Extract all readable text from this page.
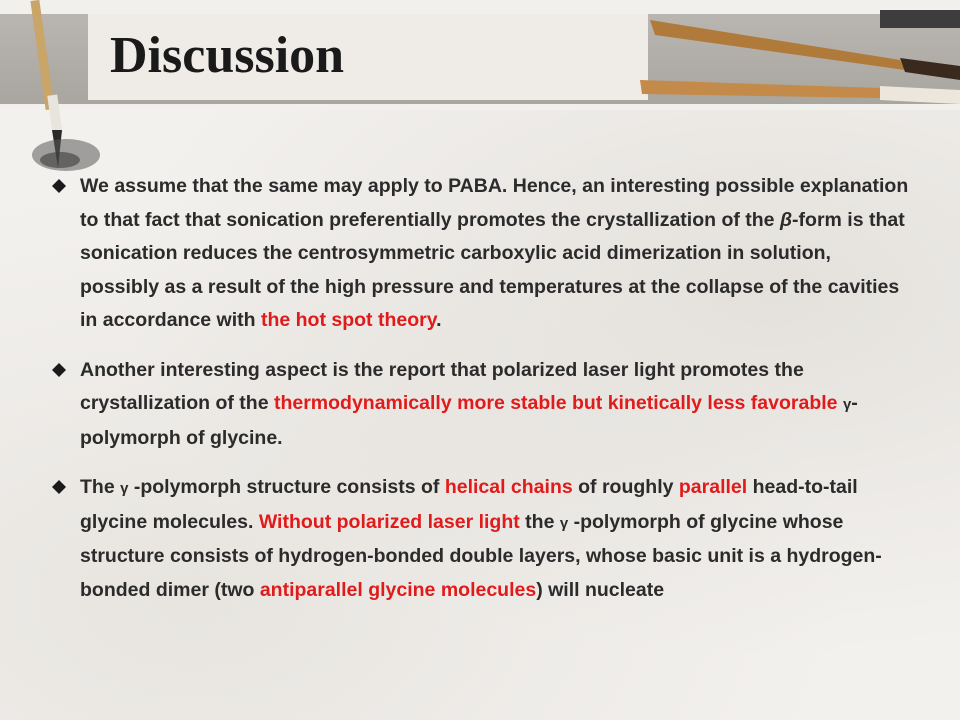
Discussion

We assume that the same may apply to PABA. Hence, an interesting possible explanation to that fact that sonication preferentially promotes the crystallization of the β-form is that sonication reduces the centrosymmetric carboxylic acid dimerization in solution, possibly as a result of the high pressure and temperatures at the collapse of the cavities in accordance with the hot spot theory.

Another interesting aspect is the report that polarized laser light promotes the crystallization of the thermodynamically more stable but kinetically less favorable γ-polymorph of glycine.

The γ -polymorph structure consists of helical chains of roughly parallel head-to-tail glycine molecules. Without polarized laser light the γ -polymorph of glycine whose structure consists of hydrogen-bonded double layers, whose basic unit is a hydrogen-bonded dimer (two antiparallel glycine molecules) will nucleate
